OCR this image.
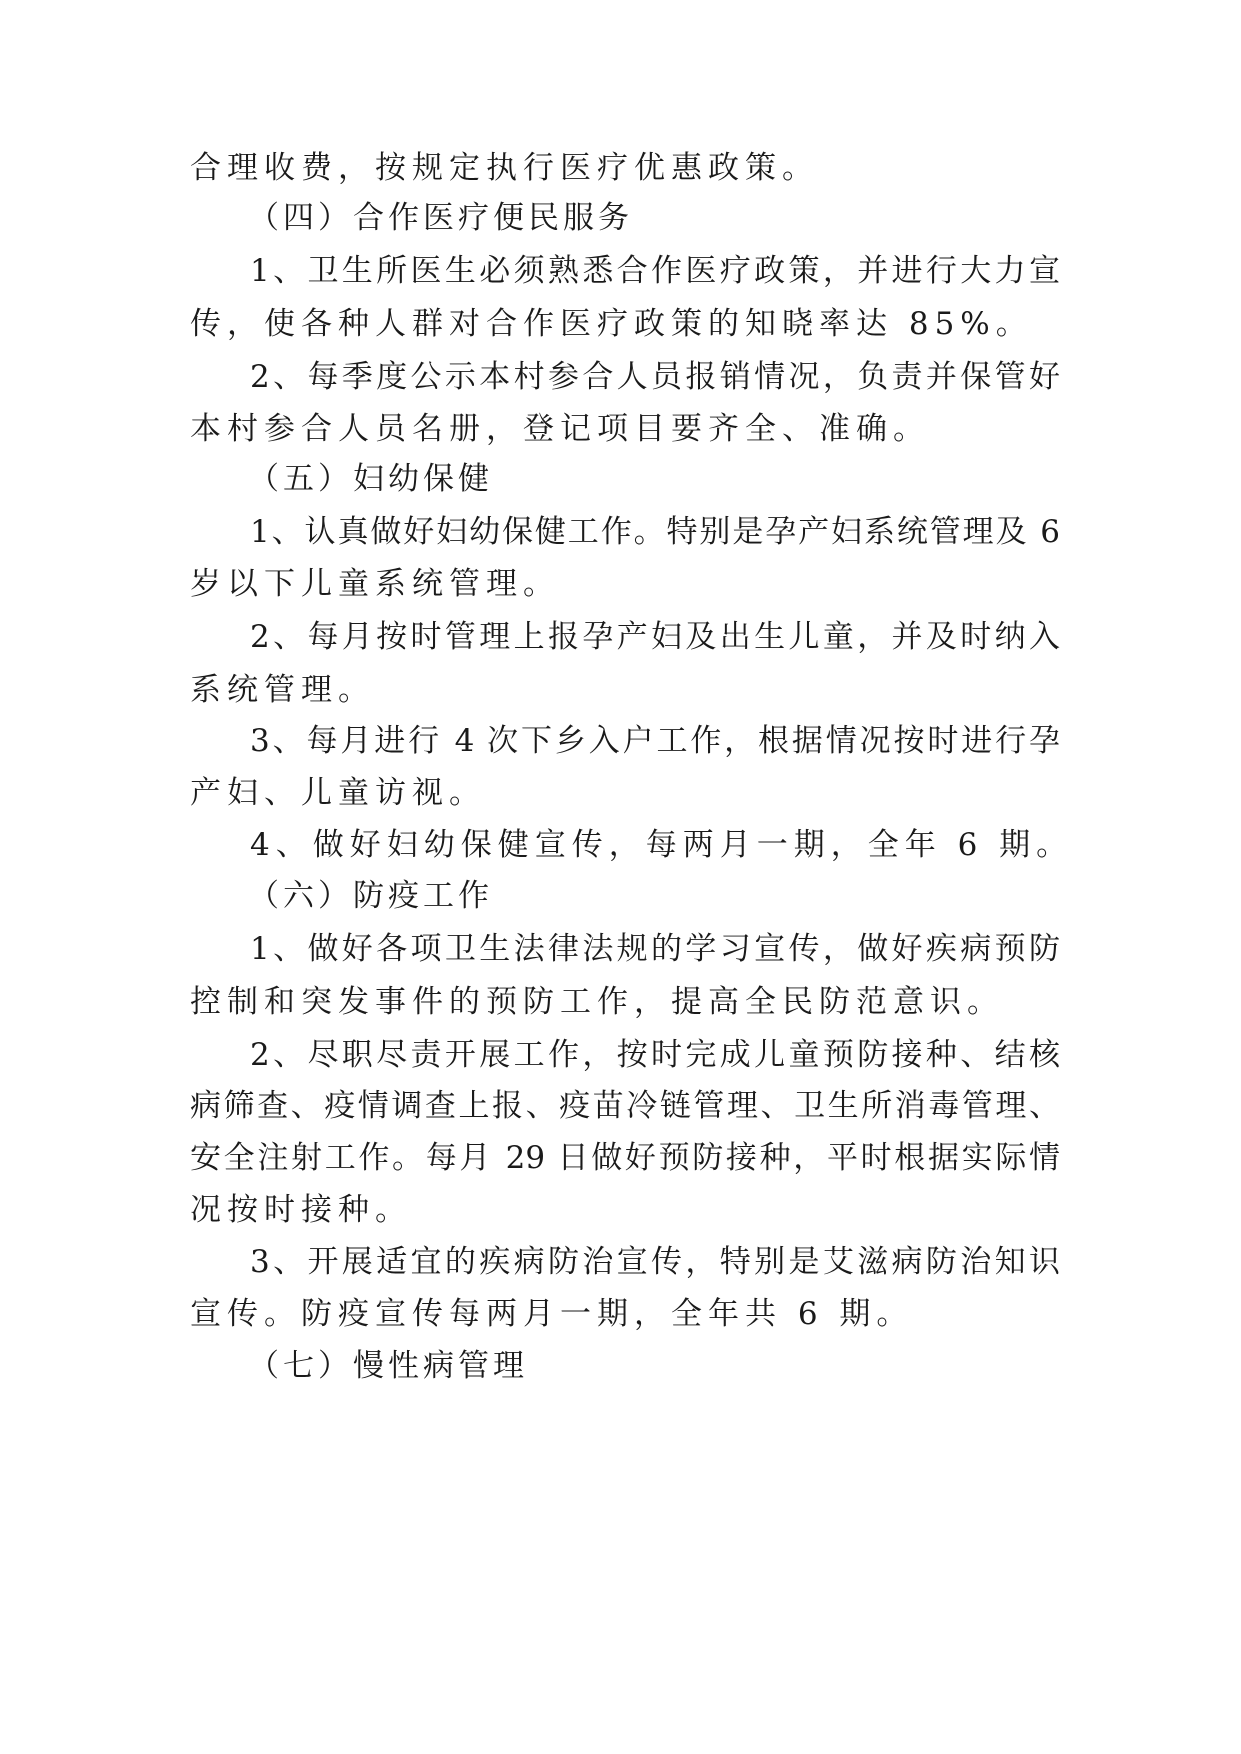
合理收费，按规定执行医疗优惠政策。
（四）合作医疗便民服务
1、卫生所医生必须熟悉合作医疗政策，并进行大力宣
传，使各种人群对合作医疗政策的知晓率达 85%。
2、每季度公示本村参合人员报销情况，负责并保管好
本村参合人员名册，登记项目要齐全、准确。
（五）妇幼保健
1、认真做好妇幼保健工作。特别是孕产妇系统管理及 6
岁以下儿童系统管理。
2、每月按时管理上报孕产妇及出生儿童，并及时纳入
系统管理。
3、每月进行 4 次下乡入户工作，根据情况按时进行孕
产妇、儿童访视。
4、做好妇幼保健宣传，每两月一期，全年 6 期。
（六）防疫工作
1、做好各项卫生法律法规的学习宣传，做好疾病预防
控制和突发事件的预防工作，提高全民防范意识。
2、尽职尽责开展工作，按时完成儿童预防接种、结核
病筛查、疫情调查上报、疫苗冷链管理、卫生所消毒管理、
安全注射工作。每月 29 日做好预防接种，平时根据实际情
况按时接种。
3、开展适宜的疾病防治宣传，特别是艾滋病防治知识
宣传。防疫宣传每两月一期，全年共 6 期。
（七）慢性病管理
